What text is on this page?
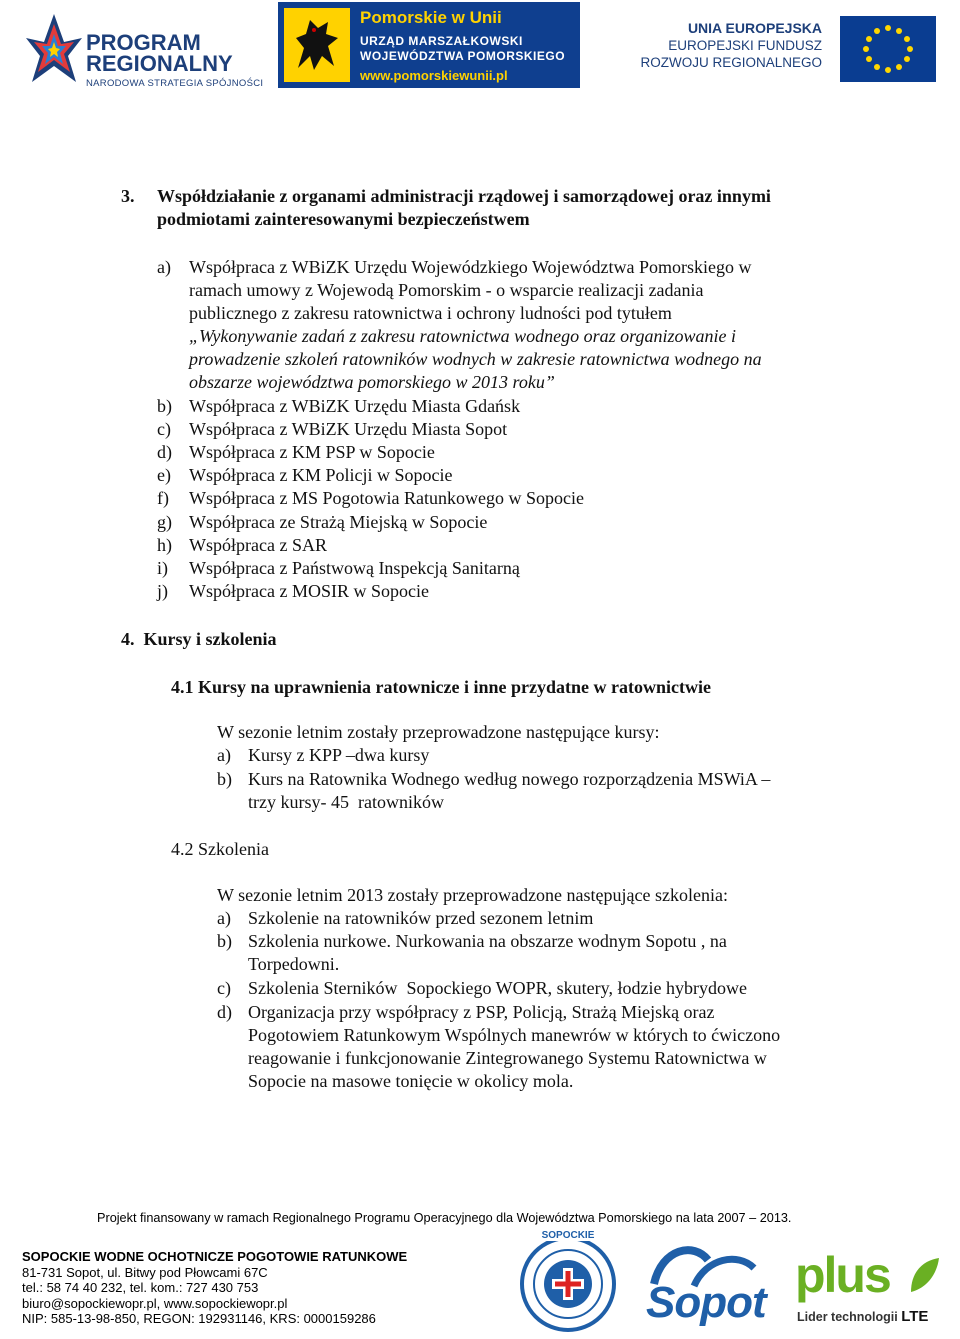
PROGRAM
REGIONALNY
NARODOWA STRATEGIA SPÓJNOŚCI
Pomorskie w Unii
URZĄD MARSZAŁKOWSKI
WOJEWÓDZTWA POMORSKIEGO
www.pomorskiewunii.pl
UNIA EUROPEJSKA
EUROPEJSKI FUNDUSZ
ROZWOJU REGIONALNEGO
3. Współdziałanie z organami administracji rządowej i samorządowej oraz innymi
podmiotami zainteresowanymi bezpieczeństwem
a) Współpraca z WBiZK Urzędu Wojewódzkiego Województwa Pomorskiego w
ramach umowy z Wojewodą Pomorskim - o wsparcie realizacji zadania
publicznego z zakresu ratownictwa i ochrony ludności pod tytułem
„Wykonywanie zadań z zakresu ratownictwa wodnego oraz organizowanie i
prowadzenie szkoleń ratowników wodnych w zakresie ratownictwa wodnego na
obszarze województwa pomorskiego w 2013 roku”
b) Współpraca z WBiZK Urzędu Miasta Gdańsk
c) Współpraca z WBiZK Urzędu Miasta Sopot
d) Współpraca z KM PSP w Sopocie
e) Współpraca z KM Policji w Sopocie
f) Współpraca z MS Pogotowia Ratunkowego w Sopocie
g) Współpraca ze Strażą Miejską w Sopocie
h) Współpraca z SAR
i) Współpraca z Państwową Inspekcją Sanitarną
j) Współpraca z MOSIR w Sopocie
4.  Kursy i szkolenia
4.1 Kursy na uprawnienia ratownicze i inne przydatne w ratownictwie
W sezonie letnim zostały przeprowadzone następujące kursy:
a) Kursy z KPP –dwa kursy
b) Kurs na Ratownika Wodnego według nowego rozporządzenia MSWiA –
trzy kursy- 45  ratowników
4.2 Szkolenia
W sezonie letnim 2013 zostały przeprowadzone następujące szkolenia:
a) Szkolenie na ratowników przed sezonem letnim
b) Szkolenia nurkowe. Nurkowania na obszarze wodnym Sopotu , na
Torpedowni.
c) Szkolenia Sterników  Sopockiego WOPR, skutery, łodzie hybrydowe
d) Organizacja przy współpracy z PSP, Policją, Strażą Miejską oraz
Pogotowiem Ratunkowym Wspólnych manewrów w których to ćwiczono
reagowanie i funkcjonowanie Zintegrowanego Systemu Ratownictwa w
Sopocie na masowe tonięcie w okolicy mola.
Projekt finansowany w ramach Regionalnego Programu Operacyjnego dla Województwa Pomorskiego na lata 2007 – 2013.
SOPOCKIE WODNE OCHOTNICZE POGOTOWIE RATUNKOWE
81-731 Sopot, ul. Bitwy pod Płowcami 67C
tel.: 58 74 40 232, tel. kom.: 727 430 753
biuro@sopockiewopr.pl, www.sopockiewopr.pl
NIP: 585-13-98-850, REGON: 192931146, KRS: 0000159286
SOPOCKIE
Sopot plus
Lider technologii LTE
